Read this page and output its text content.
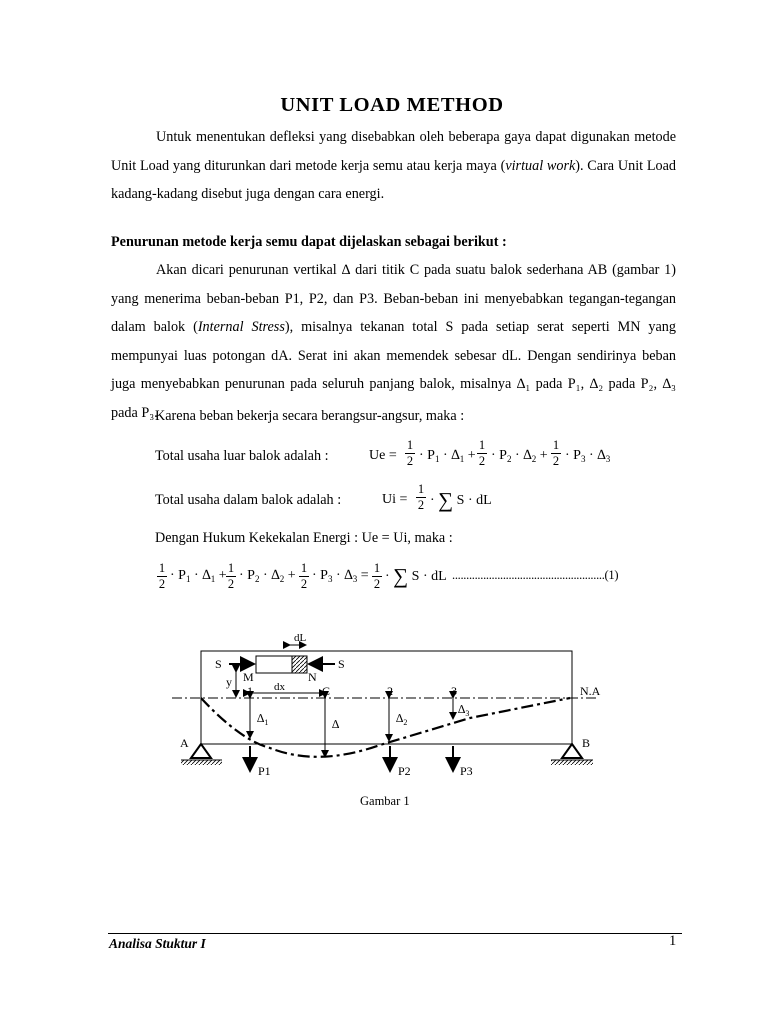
UNIT LOAD METHOD

Untuk menentukan defleksi yang disebabkan oleh beberapa gaya dapat digunakan metode Unit Load yang diturunkan dari metode kerja semu atau kerja maya (virtual work). Cara Unit Load kadang-kadang disebut juga dengan cara energi.

Penurunan metode kerja semu dapat dijelaskan sebagai berikut :

Akan dicari penurunan vertikal ∆ dari titik C pada suatu balok sederhana AB (gambar 1) yang menerima beban-beban P1, P2, dan P3. Beban-beban ini menyebabkan tegangan-tegangan dalam balok (Internal Stress), misalnya tekanan total S pada setiap serat seperti MN yang mempunyai luas potongan dA. Serat ini akan memendek sebesar dL. Dengan sendirinya beban juga menyebabkan penurunan pada seluruh panjang balok, misalnya ∆₁ pada P₁, ∆₂ pada P₂, ∆₃ pada P₃.

Karena beban bekerja secara berangsur-angsur, maka :
Total usaha luar balok adalah :	Ue =
1
$2 \cdot P_1 \cdot \Delta_1$ +
1
$2 \cdot P_2 \cdot \Delta_2$ +
1
$2 \cdot P_3 \cdot \Delta_3$
Total usaha dalam balok adalah :	Ui =
1
2 · ∑ S · dL
Dengan Hukum Kekekalan Energi : Ue = Ui, maka :
1
2
· $P_1 \cdot \Delta_1 + 1$
2
· $P_2 \cdot \Delta_2 + 1$
2
· $P_3 \cdot \Delta_3 = 1$
2 · ∑ S · dL ......................................................(1)
dL
S	S
M	N
y	dx
1	C	2	3	N.A
$\Delta_1$	∆	$\Delta_2$
$\Delta_3$
A	B
P1	P2	P3
Gambar 1
Analisa Stuktur I	1
